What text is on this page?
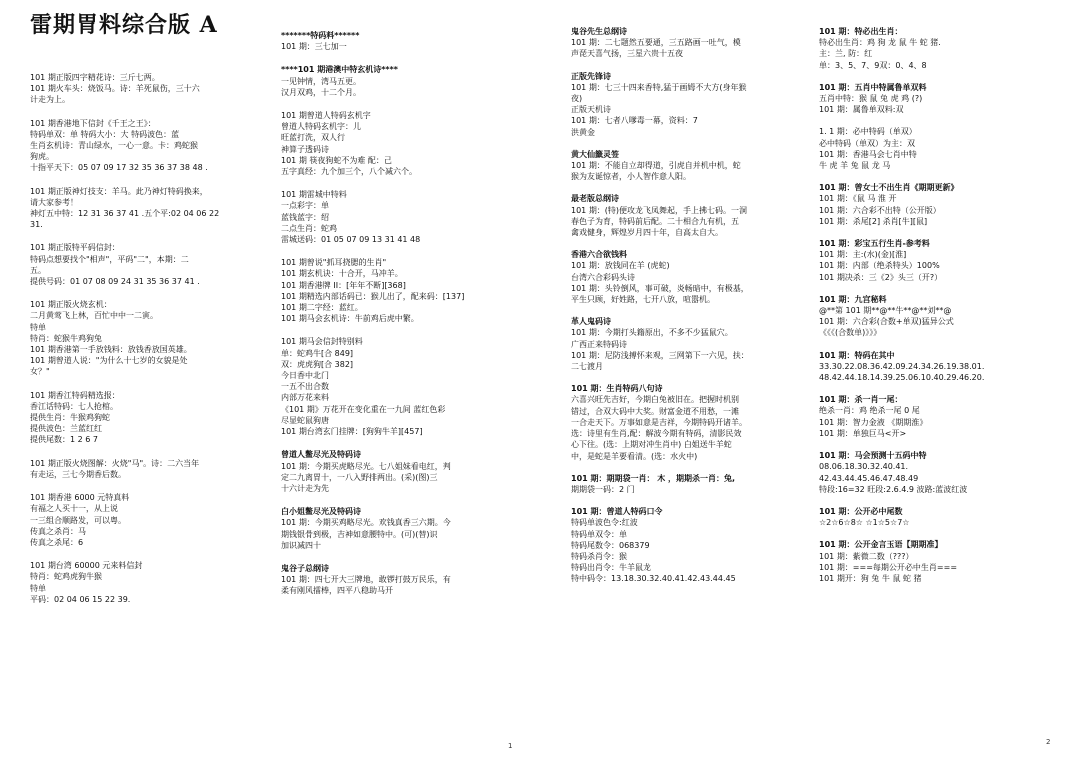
雷期胃料综合版 A
101 期正版四字精花诗：三斤七两。
101 期火车头：烧饭马。诗：羊死鼠伤，三十六
计走为上。
101 期香港地下信封《千王之王》：
特码单双：单 特码大小：大 特码波色：蓝
生肖玄机诗：青山绿水，一心一意。卡：鸡蛇猴
狗虎。
十指平天下：05 07 09 17 32 35 36 37 38 48 .
101 期正版神灯技支：羊马。此乃神灯特码换来，
请大家参考！
神灯五中特：12 31 36 37 41 .五个平:02 04 06 22
31.
101 期正版特平码信封：
特码点想要找个"相声"，平码"二"，本期：二
五。
提供号码：01 07 08 09 24 31 35 36 37 41 .
101 期正版火烧玄机：
二月黄莺飞上林，百忙中中一二寅。
特单
特肖：蛇猴牛鸡狗兔
101 期香港第一手放钱料：放钱香放国英雄。
101 期曾道人说："为什么十七岁的女貌是处
女？"
101 期香江特码精选报：
香江话特码：七人抢棺。
提供生肖：牛猴鸡狗蛇
提供波色：兰蓝红红
提供尾数：1 2 6 7
101 期正版火烧图解：火烧"马"。诗：二六当年
有走运，三七今期香后数。
101 期香港 6000 元特真料
有福之人买十一，从上说
一三组合顺路发，可以粤。
传真之杀肖：马
传真之杀尾：6
101 期台湾 60000 元来料信封
特肖：蛇鸡虎狗牛猴
特单
平码：02 04 06 15 22 39.
*******特码料******
101 期：三七加一
****101 期港澳中特玄机诗****
一见钟情，湾马五更。
汉月双鸡，十二个月。
101 期曾道人特码玄机字
曾道人特码玄机字：儿
旺蓝打洗，双人行
神算子透码诗
101 期 筷夜狗蛇不为难 配：己
五字真经：九个加三个，八个减六个。
101 期雷城中特料
一点彩字：单
蓝钱蓝字：绍
二点生肖：蛇鸡
雷城送码：01 05 07 09 13 31 41 48
101 期曾说"抓耳挠腮的生肖"
101 期玄机诀：十合开，马冲羊。
101 期香港牌 II：[年年不断][368]
101 期精选内部话码已：猴儿出了，配来码：[137]
101 期二字经：蓝红。
101 期马会玄机诗：牛前鸡后虎中繁。
101 期马会信封特别料
单：蛇鸡牛[合 849]
双：虎虎狗[合 382]
今日香中北门
一五不出合数
内部万花来料
《101 期》万花开在变化重在一九间 蓝红色彩
尽显蛇鼠狗唐
101 期台湾玄门挂牌：[狗狗牛羊][457]
曾道人鳖尽光及特码诗
101 期：今期买虎略尽光。七八姐妹看电红，判
定二九离胃十，一八入野排两出。(采)(图)三
十六计走为先
白小姐鳖尽光及特码诗
101 期：今期买鸡略尽光。欢钱真香三六期。今
期钱银骨到极，吉神如意腰特中。(可)(替)识
加识减四十
鬼谷子总纲诗
101 期：四七开大三牌地，敢锣打鼓万民乐，有
柔有刚风擂棒，四平八稳助马开
鬼谷先生总纲诗
101 期：二七题然五要通，三五路画一吐气，模
声琵天喜气扬，三星六贵十五夜
正版先锋诗
101 期：七三十四来香特,猛于画姆不大方(身年猴
夜)
正版天机诗
101 期：七者八嗲毒一幕，资料：7
洪黄金
黄大仙籤灵签
101 期：不能自立却得道，引虎自并机中机，蛇
猴为友诞惊者，小人智作意人阳。
最老版总纲诗
101 期：(特)便攻龙飞凤舞起，手上拂七码。一洞
春色子为育，特码前后配。二十相合九有机，五
禽戏健身，辉煌岁月四十年，自高太自大。
香港六合欲钱料
101 期：放钱同在羊 (虎蛇)
台湾六合彩码头诗
101 期：头铃倒风，事可破，炎畅暗中，有极基，
平生只顾，好姓路，七开八放，喧嚣机。
革人鬼码诗
101 期：今期打头籍原出，不多不少猛鼠穴。
广西正来特码诗
101 期：尼防浅搏怀来观，三网第下一六见，扶：
二七渡月
101 期：生肖特码八句诗
六喜兴旺先吉好，今期白兔被旧在。把握时机别
错过，合双大码中大奖。财富金道不用愁，一滩
一合走天下。万事如意是吉祥，今期特码开诸羊。
选：诗里有生肖,配：解波今期有特码，清影民效
心下往。(选：上期对冲生肖中) 白姐送牛羊蛇
中，是蛇是羊要看清。(选：水火中)
101 期：期期袋一肖： 木 ，期期杀一肖：兔,
期期袋一码：2 门
101 期：曾道人特码口令
特码单波色令:红波
特码单双令：单
特码尾数令：068379
特码杀肖令：猴
特码出肖令：牛羊鼠龙
特中码令：13.18.30.32.40.41.42.43.44.45
101 期：特必出生肖：
特必出生肖：鸡 狗 龙 鼠 牛 蛇 猪.
主：兰, 防：红
单：3、5、7、9双：0、4、8
101 期：五肖中特属鲁单双料
五肖中特：猴 鼠 兔 虎 鸡 (?)
101 期：属鲁单双料:双
1. 1 期：必中特码（单双）
必中特码（单双）为主：双
101 期：香港马会七肖中特
牛 虎 羊 兔 鼠 龙 马
101 期：曾女士不出生肖《期期更新》
101 期：《鼠 马 淮 开
101 期：六合彩不出特（公开版）
101 期：杀尾[2] 杀肖[牛][鼠]
101 期：彩宝五行生肖-参考料
101 期：主:(水)(金)[淮]
101 期：内部（绝杀特头）100%
101 期决杀：三《2》头三（开?）
101 期：九宫秘料
@**第 101 期**@**牛**@**刘**@
101 期：六合彩(合数+单双)猛异公式
《《《(合数单)》》》
101 期：特码在其中
33.30.22.08.36.42.09.24.34.26.19.38.01.
48.42.44.18.14.39.25.06.10.40.29.46.20.
101 期：杀一肖一尾：
绝杀一肖：鸡 绝杀一尾 0 尾
101 期：智力金液 《期期淮》
101 期：单独巨马<开>
101 期：马会预测十五码中特
08.06.18.30.32.40.41.
42.43.44.45.46.47.48.49
特段:16=32 旺段:2.6.4.9 波路:蓝波红波
101 期：公开必中尾数
☆2☆6☆8☆ ☆1☆5☆7☆
101 期：公开金言玉语【期期准】
101 期：紫微二数（???）
101 期：===每期公开必中生肖===
101 期开：狗 兔 牛 鼠 蛇 猪
1	2
